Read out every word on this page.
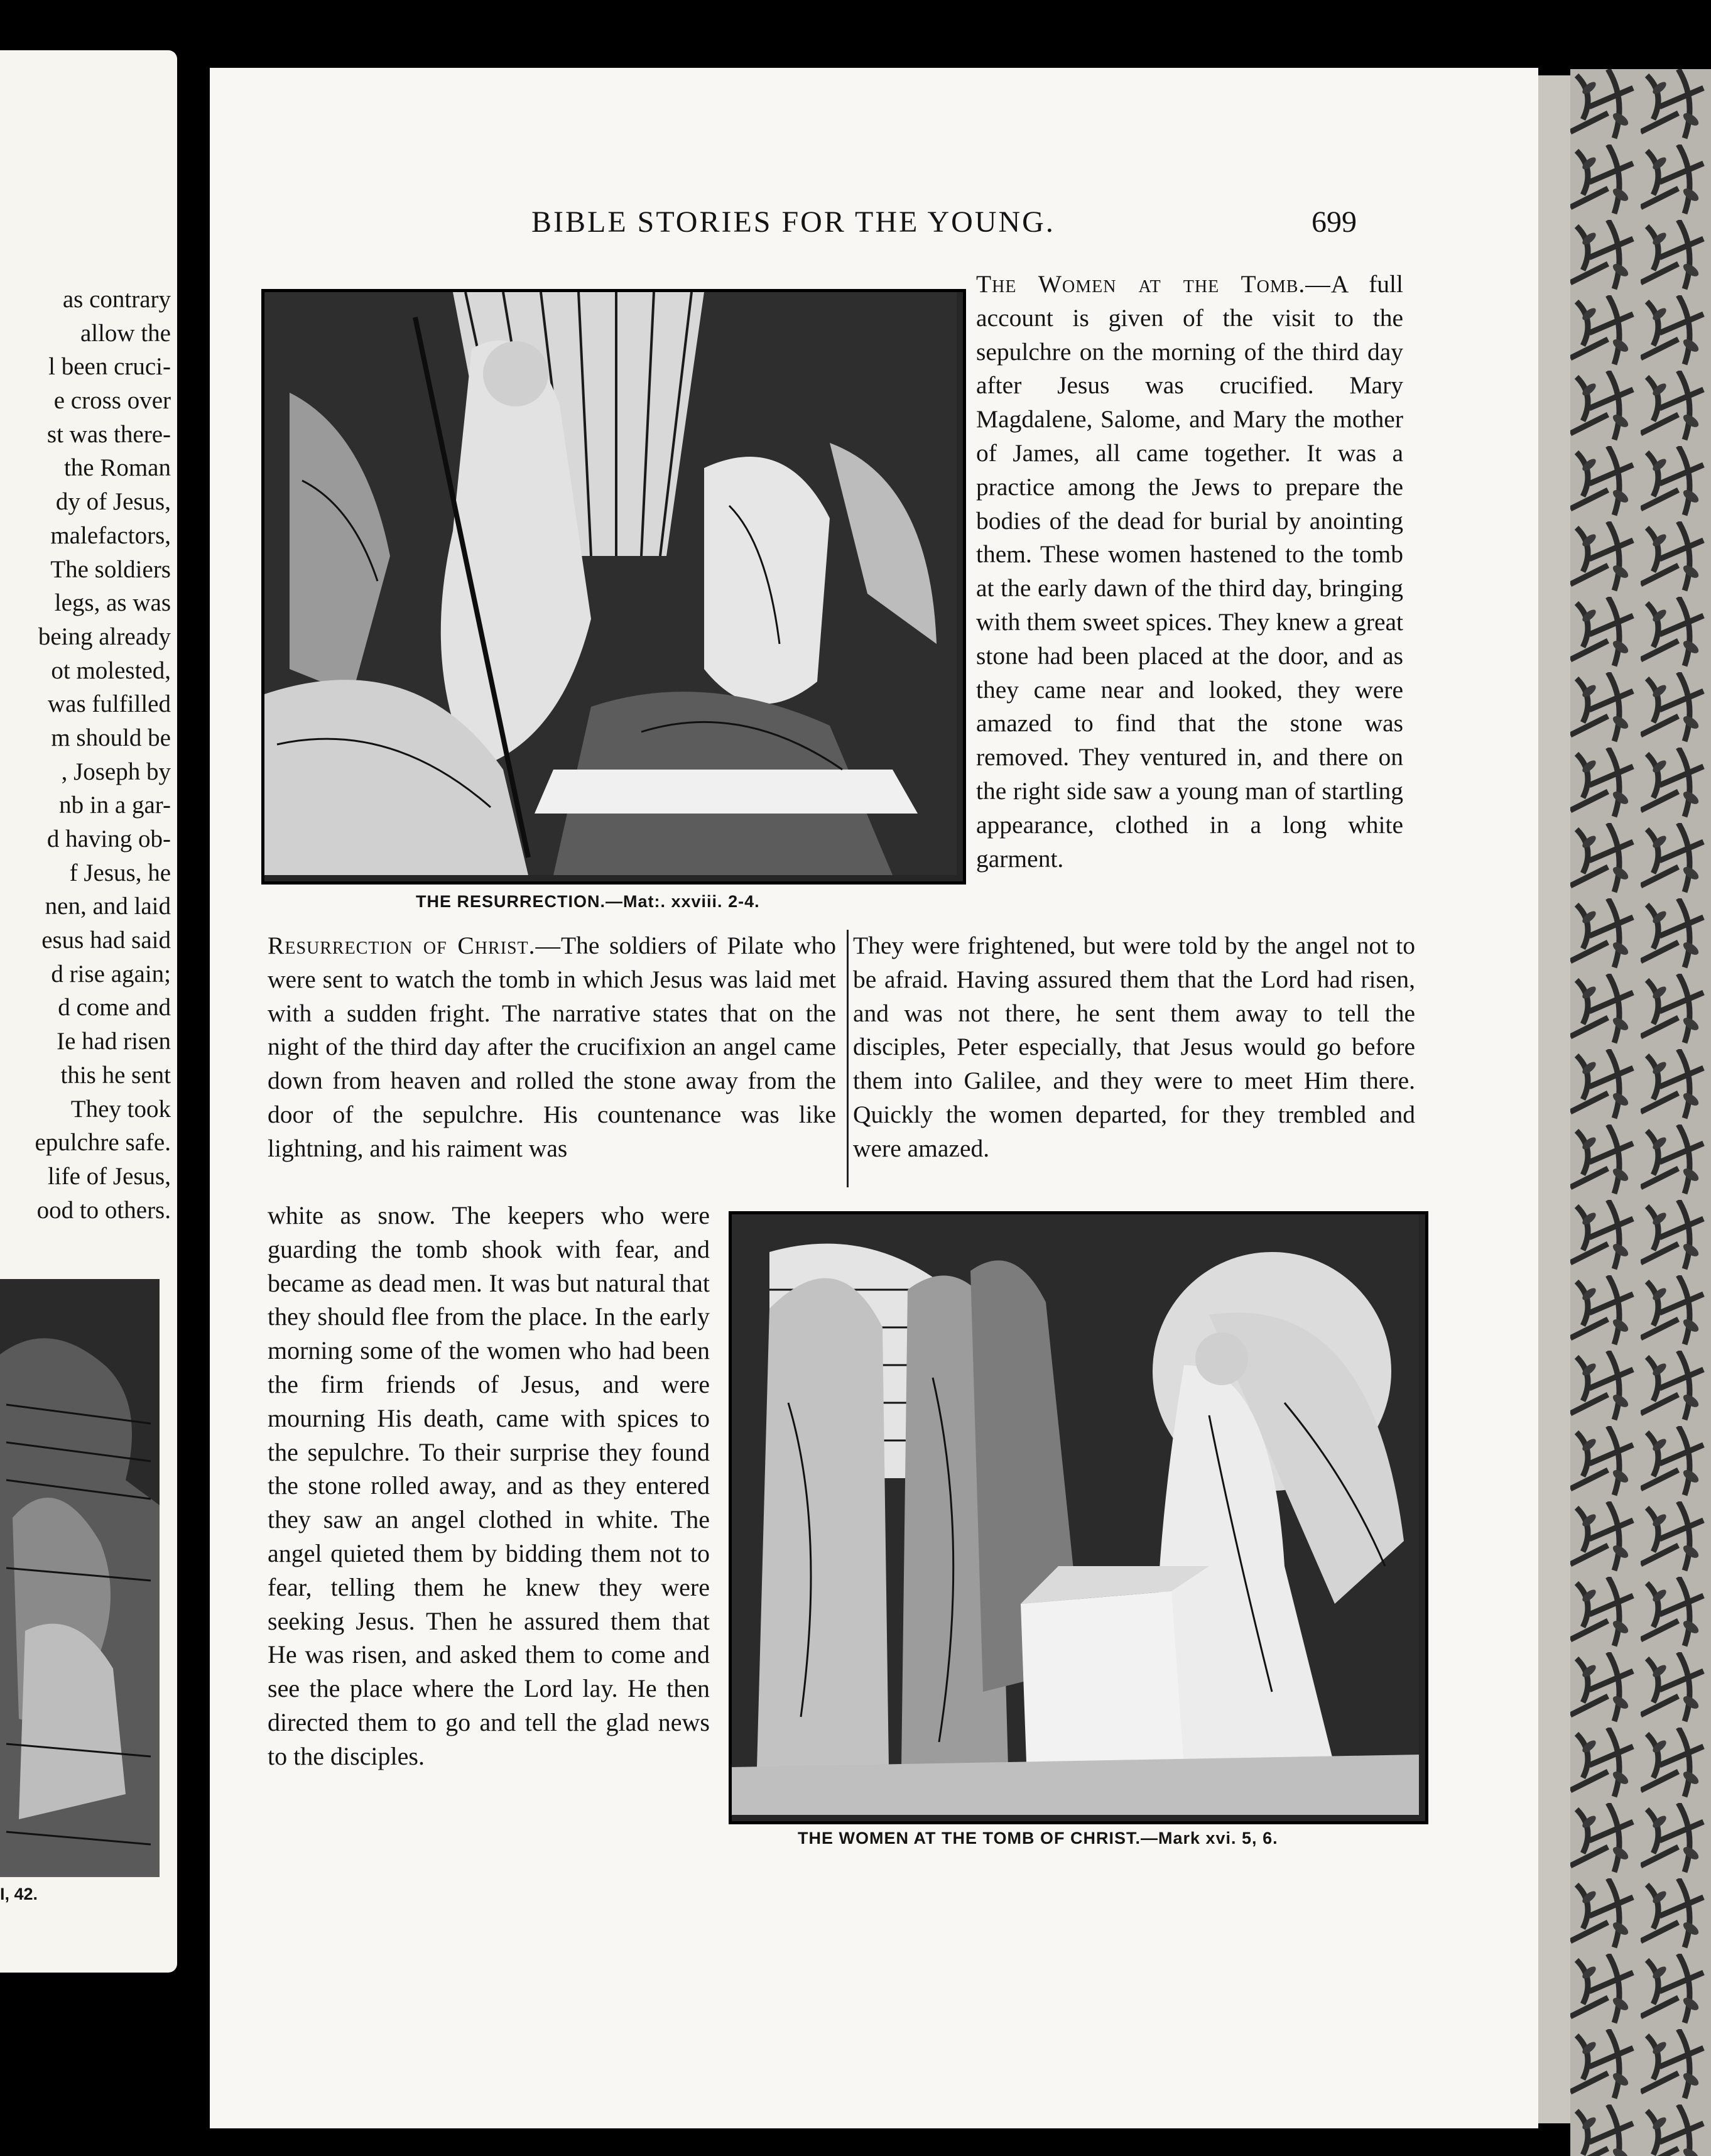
as contrary
allow the
l been cruci-
e cross over
st was there-
the Roman
dy of Jesus,
malefactors,
The soldiers
legs, as was
being already
ot molested,
was fulfilled
m should be
, Joseph by
nb in a gar-
d having ob-
f Jesus, he
nen, and laid
esus had said
d rise again;
d come and
Ie had risen
this he sent
They took
epulchre safe.
life of Jesus,
ood to others.
I, 42.
BIBLE STORIES FOR THE YOUNG.	699
THE RESURRECTION.—Mat:. xxviii. 2-4.

The Women at the Tomb.—A full account is given of the visit to the sepulchre on the morning of the third day after Jesus was crucified. Mary Magdalene, Salome, and Mary the mother of James, all came together. It was a practice among the Jews to prepare the bodies of the dead for burial by anointing them. These women hastened to the tomb at the early dawn of the third day, bringing with them sweet spices. They knew a great stone had been placed at the door, and as they came near and looked, they were amazed to find that the stone was removed. They ventured in, and there on the right side saw a young man of startling appearance, clothed in a long white garment.

Resurrection of Christ.—The soldiers of Pilate who were sent to watch the tomb in which Jesus was laid met with a sudden fright. The narrative states that on the night of the third day after the crucifixion an angel came down from heaven and rolled the stone away from the door of the sepulchre. His countenance was like lightning, and his raiment was

They were frightened, but were told by the angel not to be afraid. Having assured them that the Lord had risen, and was not there, he sent them away to tell the disciples, Peter especially, that Jesus would go before them into Galilee, and they were to meet Him there. Quickly the women departed, for they trembled and were amazed.

white as snow. The keepers who were guarding the tomb shook with fear, and became as dead men. It was but natural that they should flee from the place. In the early morning some of the women who had been the firm friends of Jesus, and were mourning His death, came with spices to the sepulchre. To their surprise they found the stone rolled away, and as they entered they saw an angel clothed in white. The angel quieted them by bidding them not to fear, telling them he knew they were seeking Jesus. Then he assured them that He was risen, and asked them to come and see the place where the Lord lay. He then directed them to go and tell the glad news to the disciples.

THE WOMEN AT THE TOMB OF CHRIST.—Mark xvi. 5, 6.
